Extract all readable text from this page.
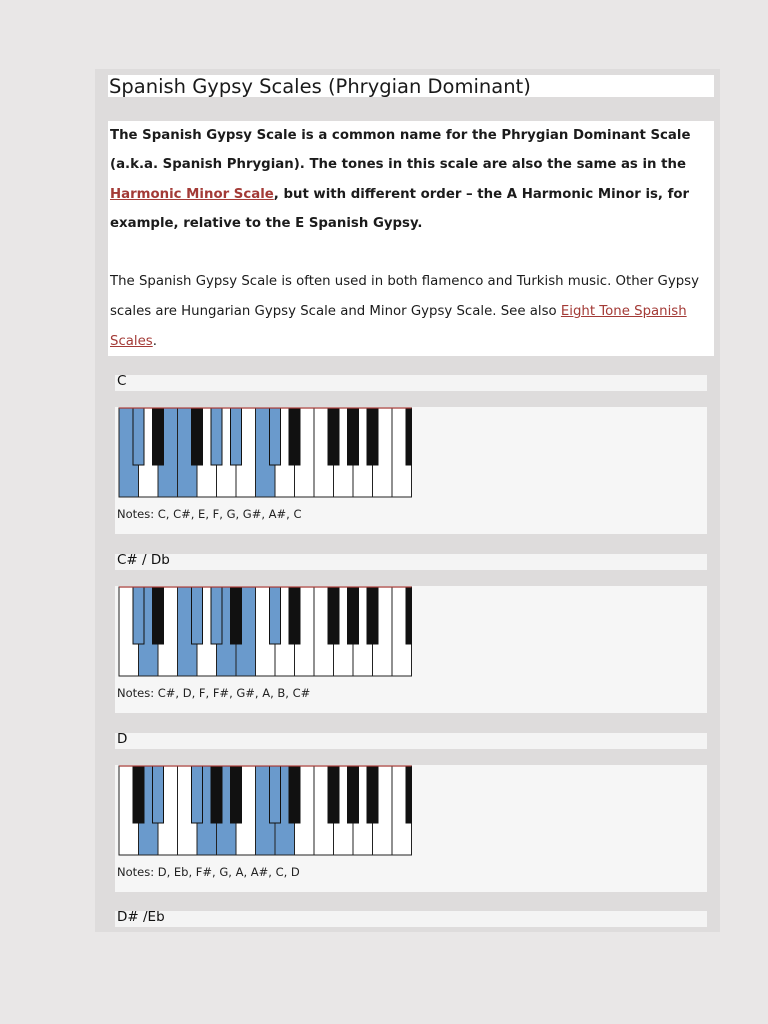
Spanish Gypsy Scales (Phrygian Dominant)

The Spanish Gypsy Scale is a common name for the Phrygian Dominant Scale (a.k.a. Spanish Phrygian). The tones in this scale are also the same as in the Harmonic Minor Scale, but with different order – the A Harmonic Minor is, for example, relative to the E Spanish Gypsy.

The Spanish Gypsy Scale is often used in both flamenco and Turkish music. Other Gypsy scales are Hungarian Gypsy Scale and Minor Gypsy Scale. See also Eight Tone Spanish Scales.

C
Notes: C, C#, E, F, G, G#, A#, C
C# / Db
Notes: C#, D, F, F#, G#, A, B, C#
D
Notes: D, Eb, F#, G, A, A#, C, D
D# /Eb
